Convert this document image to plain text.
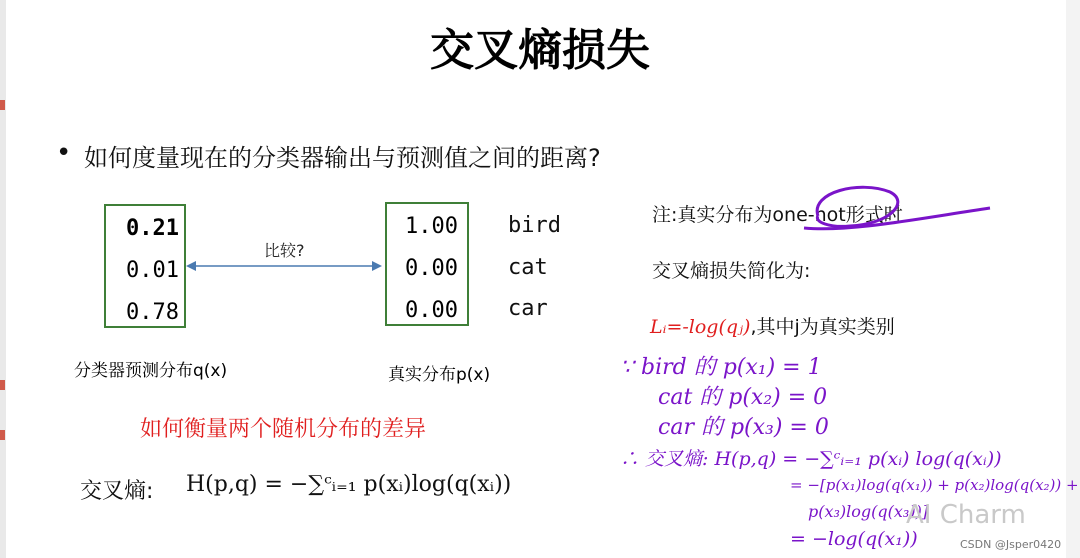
交叉熵损失
• 如何度量现在的分类器输出与预测值之间的距离?
0.21
0.01
0.78
分类器预测分布q(x)
比较?
1.00
0.00
0.00
真实分布p(x)
bird
cat
car
如何衡量两个随机分布的差异
交叉熵: H(p,q) = −∑ᶜᵢ₌₁ p(xᵢ)log(q(xᵢ))
注:真实分布为one-hot形式时
交叉熵损失简化为:
Lᵢ=-log(qⱼ),其中j为真实类别
∵ bird 的 p(x₁) = 1
cat 的 p(x₂) = 0
car 的 p(x₃) = 0
∴ 交叉熵: H(p,q) = −∑ᶜᵢ₌₁ p(xᵢ) log(q(xᵢ))
= −[p(x₁)log(q(x₁)) + p(x₂)log(q(x₂)) +
p(x₃)log(q(x₃))]
= −log(q(x₁))
AI Charm
CSDN @Jsper0420
